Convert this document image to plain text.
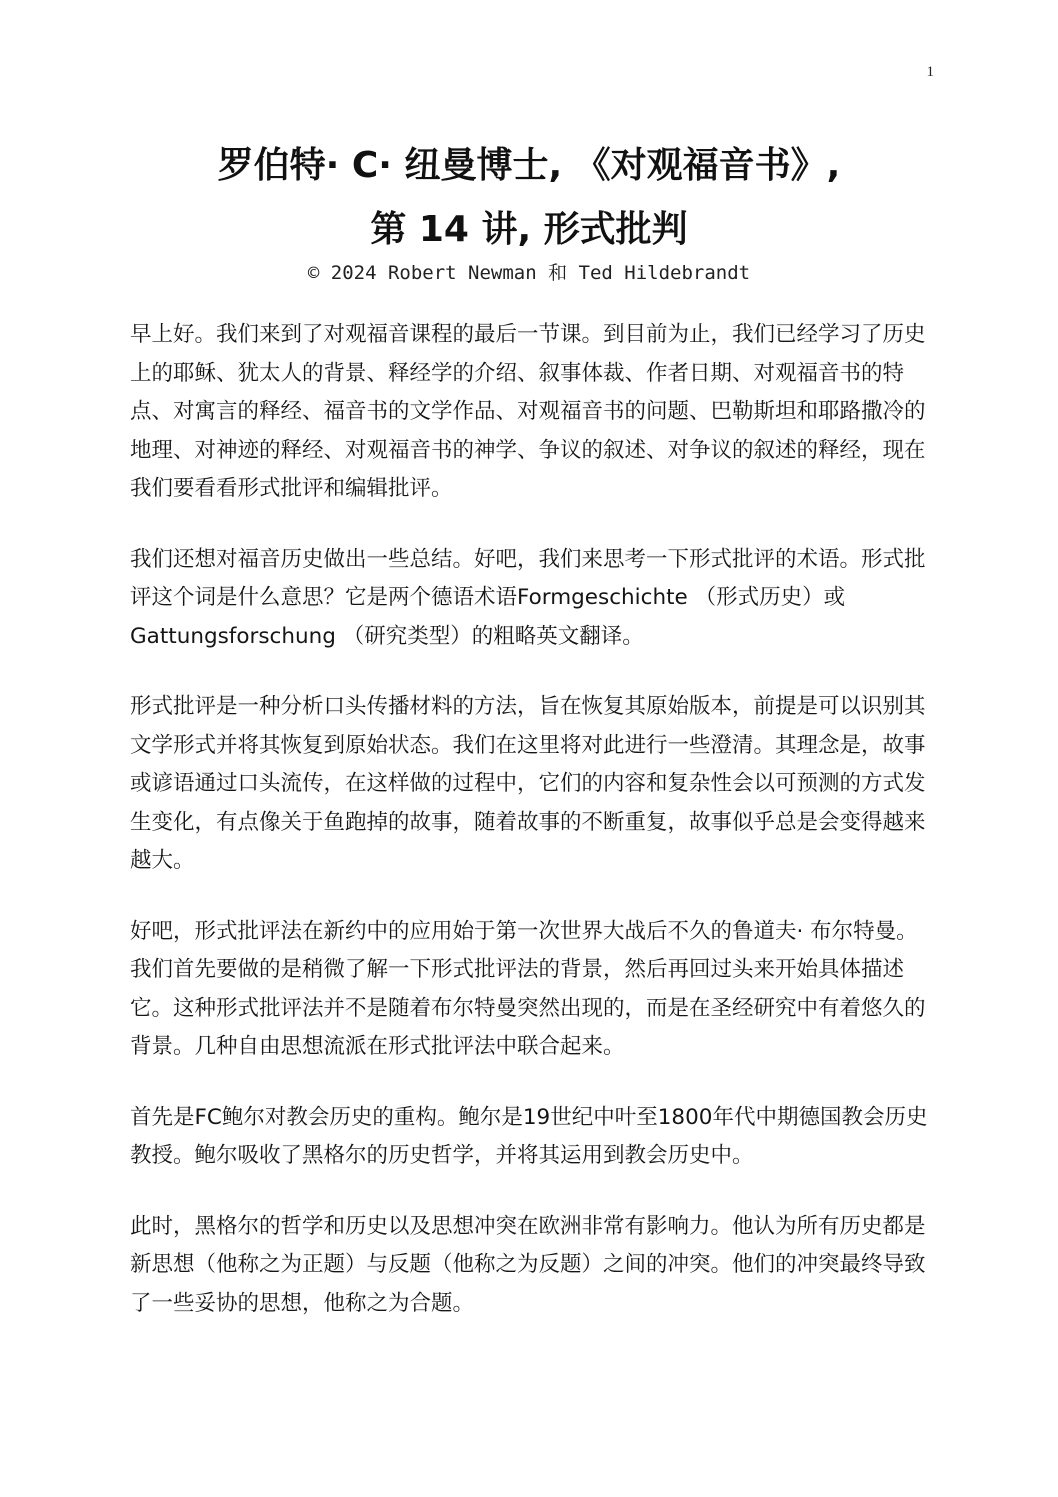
1
罗伯特· C· 纽曼博士, 《对观福音书》,
第 14 讲, 形式批判
© 2024 Robert Newman 和 Ted Hildebrandt

早上好。我们来到了对观福音课程的最后一节课。到目前为止，我们已经学习了历史上的耶稣、犹太人的背景、释经学的介绍、叙事体裁、作者日期、对观福音书的特点、对寓言的释经、福音书的文学作品、对观福音书的问题、巴勒斯坦和耶路撒冷的地理、对神迹的释经、对观福音书的神学、争议的叙述、对争议的叙述的释经，现在我们要看看形式批评和编辑批评。

我们还想对福音历史做出一些总结。好吧，我们来思考一下形式批评的术语。形式批评这个词是什么意思？它是两个德语术语Formgeschichte （形式历史）或Gattungsforschung （研究类型）的粗略英文翻译。

形式批评是一种分析口头传播材料的方法，旨在恢复其原始版本，前提是可以识别其文学形式并将其恢复到原始状态。我们在这里将对此进行一些澄清。其理念是，故事或谚语通过口头流传，在这样做的过程中，它们的内容和复杂性会以可预测的方式发生变化，有点像关于鱼跑掉的故事，随着故事的不断重复，故事似乎总是会变得越来越大。

好吧，形式批评法在新约中的应用始于第一次世界大战后不久的鲁道夫· 布尔特曼。我们首先要做的是稍微了解一下形式批评法的背景，然后再回过头来开始具体描述它。这种形式批评法并不是随着布尔特曼突然出现的，而是在圣经研究中有着悠久的背景。几种自由思想流派在形式批评法中联合起来。

首先是FC鲍尔对教会历史的重构。鲍尔是19世纪中叶至1800年代中期德国教会历史教授。鲍尔吸收了黑格尔的历史哲学，并将其运用到教会历史中。

此时，黑格尔的哲学和历史以及思想冲突在欧洲非常有影响力。他认为所有历史都是新思想（他称之为正题）与反题（他称之为反题）之间的冲突。他们的冲突最终导致了一些妥协的思想，他称之为合题。
